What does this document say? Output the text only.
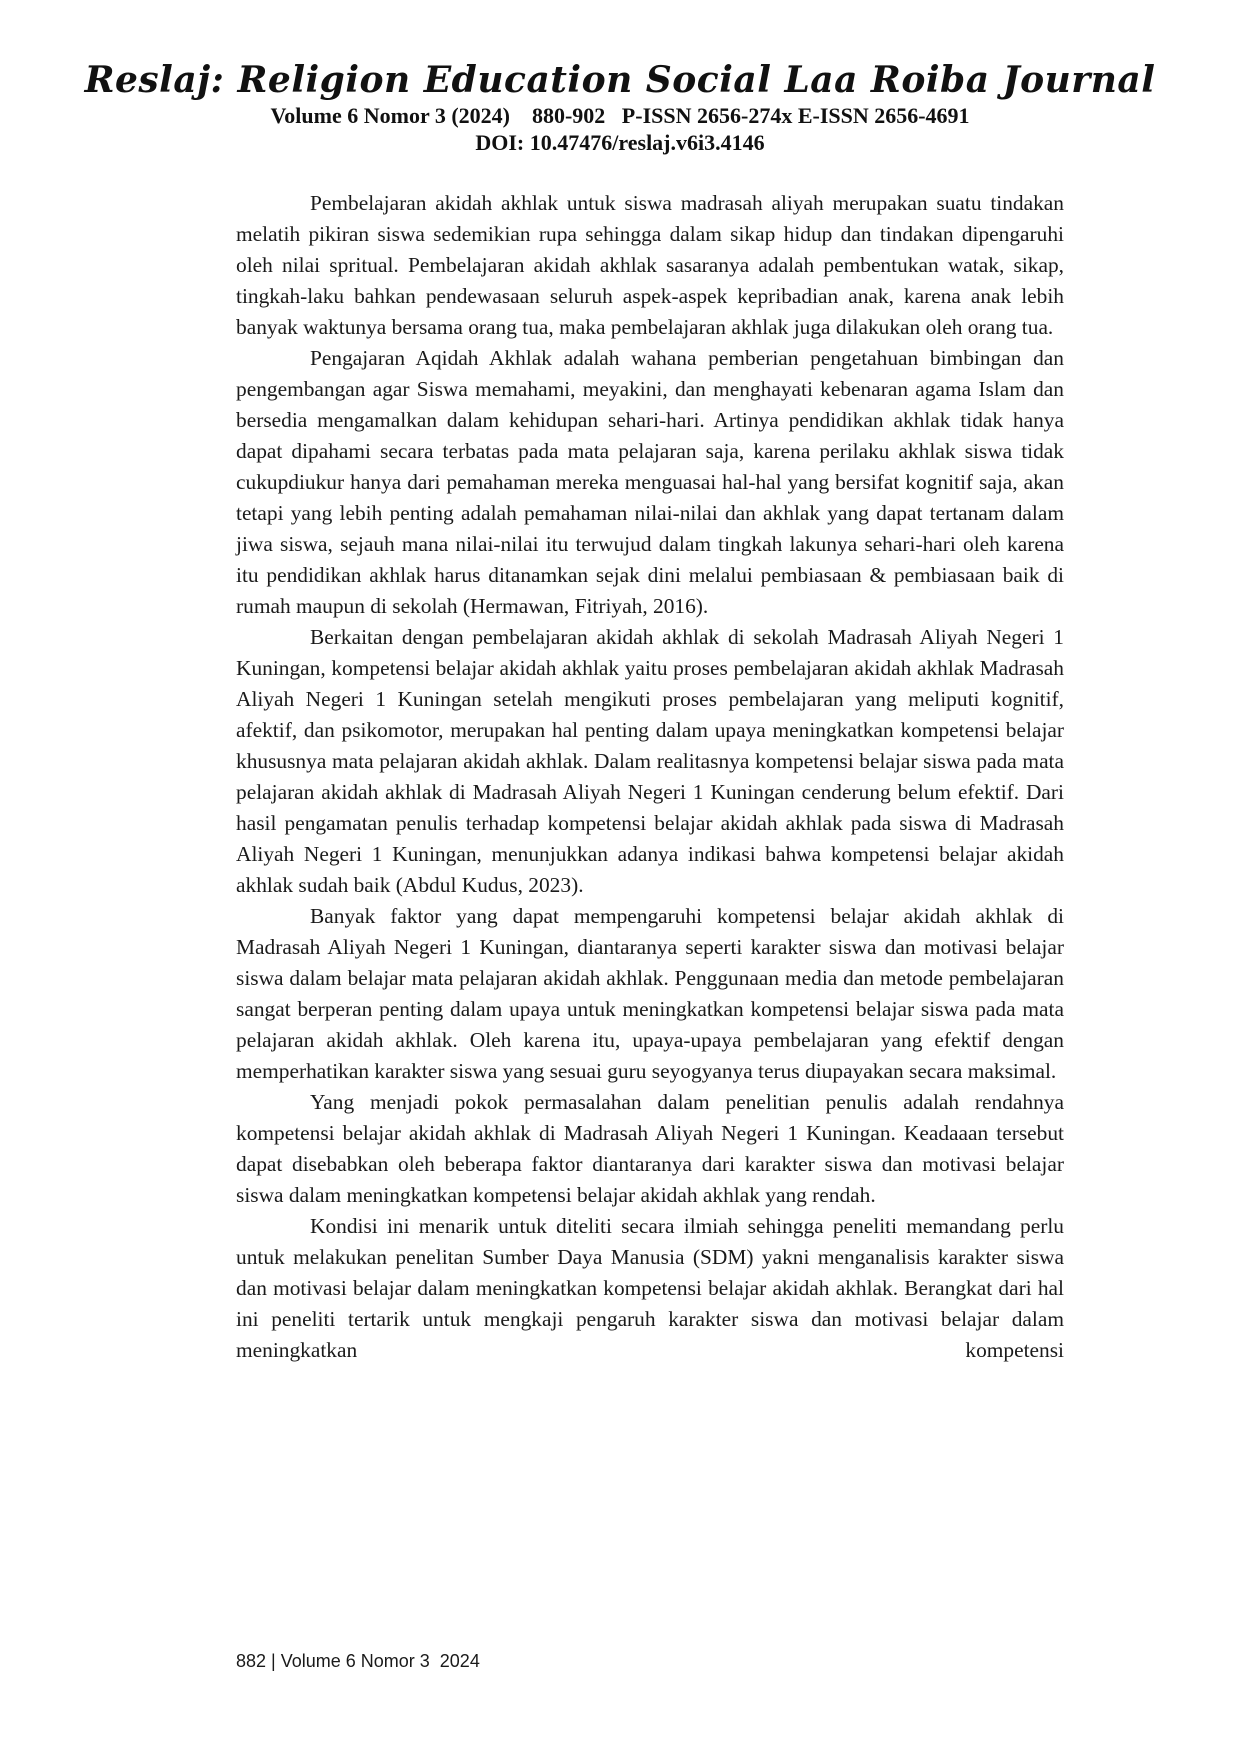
Reslaj: Religion Education Social Laa Roiba Journal
Volume 6 Nomor 3 (2024)    880-902   P-ISSN 2656-274x E-ISSN 2656-4691
DOI: 10.47476/reslaj.v6i3.4146

Pembelajaran akidah akhlak untuk siswa madrasah aliyah merupakan suatu tindakan melatih pikiran siswa sedemikian rupa sehingga dalam sikap hidup dan tindakan dipengaruhi oleh nilai spritual. Pembelajaran akidah akhlak sasaranya adalah pembentukan watak, sikap, tingkah-laku bahkan pendewasaan seluruh aspek-aspek kepribadian anak, karena anak lebih banyak waktunya bersama orang tua, maka pembelajaran akhlak juga dilakukan oleh orang tua.

Pengajaran Aqidah Akhlak adalah wahana pemberian pengetahuan bimbingan dan pengembangan agar Siswa memahami, meyakini, dan menghayati kebenaran agama Islam dan bersedia mengamalkan dalam kehidupan sehari-hari. Artinya pendidikan akhlak tidak hanya dapat dipahami secara terbatas pada mata pelajaran saja, karena perilaku akhlak siswa tidak cukupdiukur hanya dari pemahaman mereka menguasai hal-hal yang bersifat kognitif saja, akan tetapi yang lebih penting adalah pemahaman nilai-nilai dan akhlak yang dapat tertanam dalam jiwa siswa, sejauh mana nilai-nilai itu terwujud dalam tingkah lakunya sehari-hari oleh karena itu pendidikan akhlak harus ditanamkan sejak dini melalui pembiasaan & pembiasaan baik di rumah maupun di sekolah (Hermawan, Fitriyah, 2016).

Berkaitan dengan pembelajaran akidah akhlak di sekolah Madrasah Aliyah Negeri 1 Kuningan, kompetensi belajar akidah akhlak yaitu proses pembelajaran akidah akhlak Madrasah Aliyah Negeri 1 Kuningan setelah mengikuti proses pembelajaran yang meliputi kognitif, afektif, dan psikomotor, merupakan hal penting dalam upaya meningkatkan kompetensi belajar khususnya mata pelajaran akidah akhlak. Dalam realitasnya kompetensi belajar siswa pada mata pelajaran akidah akhlak di Madrasah Aliyah Negeri 1 Kuningan cenderung belum efektif. Dari hasil pengamatan penulis terhadap kompetensi belajar akidah akhlak pada siswa di Madrasah Aliyah Negeri 1 Kuningan, menunjukkan adanya indikasi bahwa kompetensi belajar akidah akhlak sudah baik (Abdul Kudus, 2023).

Banyak faktor yang dapat mempengaruhi kompetensi belajar akidah akhlak di Madrasah Aliyah Negeri 1 Kuningan, diantaranya seperti karakter siswa dan motivasi belajar siswa dalam belajar mata pelajaran akidah akhlak. Penggunaan media dan metode pembelajaran sangat berperan penting dalam upaya untuk meningkatkan kompetensi belajar siswa pada mata pelajaran akidah akhlak. Oleh karena itu, upaya-upaya pembelajaran yang efektif dengan memperhatikan karakter siswa yang sesuai guru seyogyanya terus diupayakan secara maksimal.

Yang menjadi pokok permasalahan dalam penelitian penulis adalah rendahnya kompetensi belajar akidah akhlak di Madrasah Aliyah Negeri 1 Kuningan. Keadaaan tersebut dapat disebabkan oleh beberapa faktor diantaranya dari karakter siswa dan motivasi belajar siswa dalam meningkatkan kompetensi belajar akidah akhlak yang rendah.

Kondisi ini menarik untuk diteliti secara ilmiah sehingga peneliti memandang perlu untuk melakukan penelitan Sumber Daya Manusia (SDM) yakni menganalisis karakter siswa dan motivasi belajar dalam meningkatkan kompetensi belajar akidah akhlak. Berangkat dari hal ini peneliti tertarik untuk mengkaji pengaruh karakter siswa dan motivasi belajar dalam meningkatkan kompetensi

882 | Volume 6 Nomor 3  2024
